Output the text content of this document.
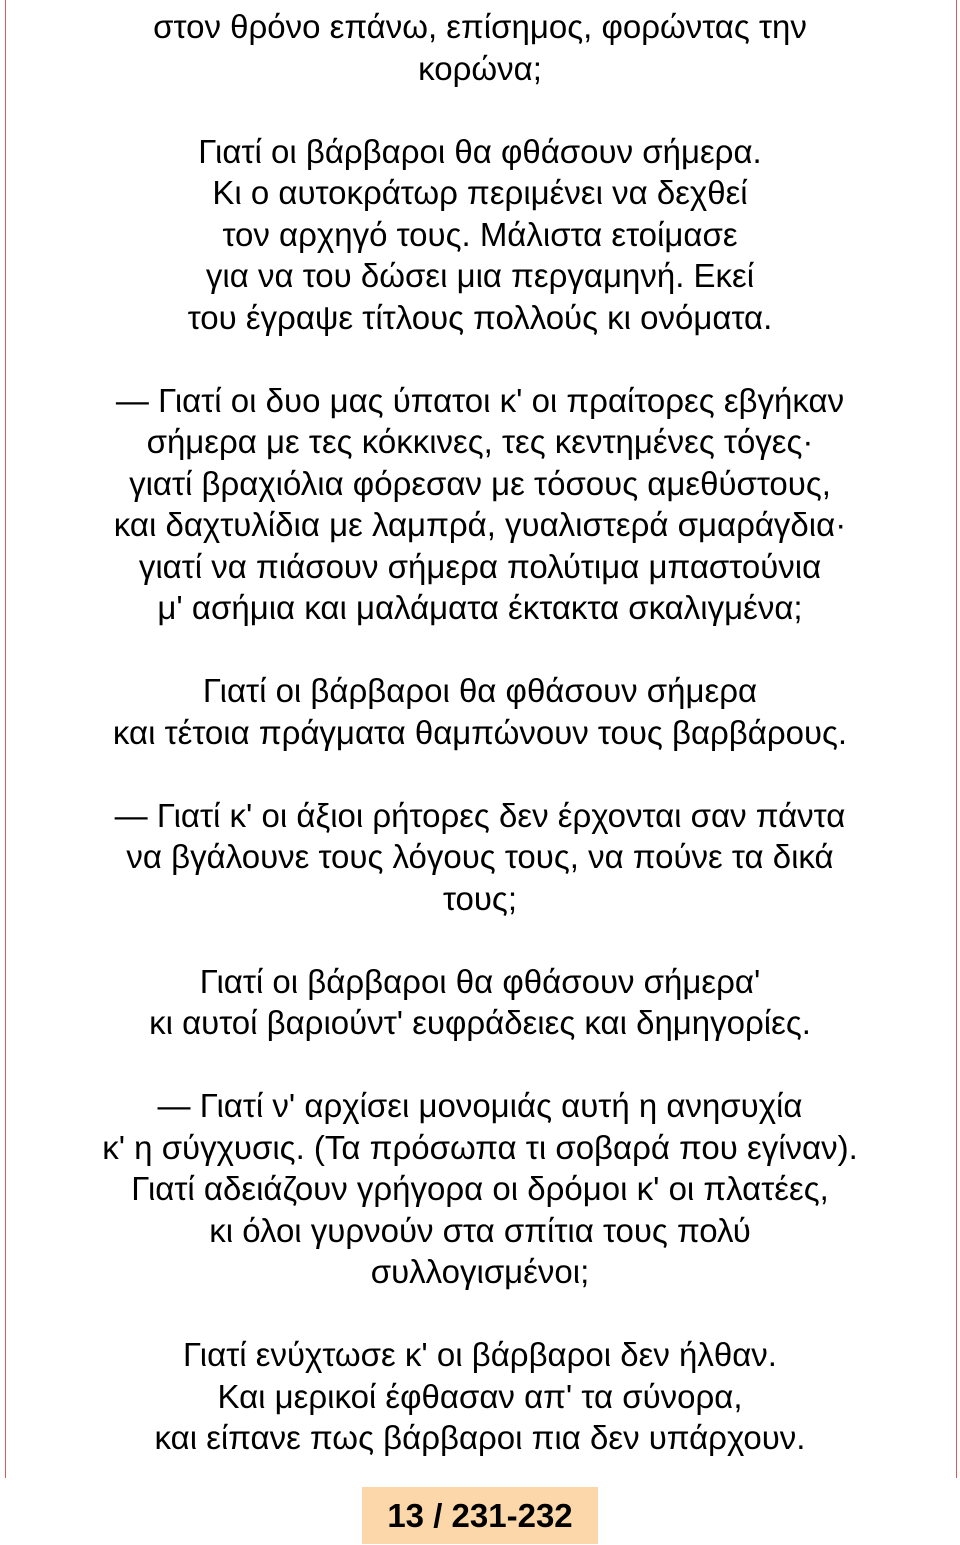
στον θρόνο επάνω, επίσημος, φορώντας την
κορώνα;
Γιατί οι βάρβαροι θα φθάσουν σήμερα.
Κι ο αυτοκράτωρ περιμένει να δεχθεί
τον αρχηγό τους. Μάλιστα ετοίμασε
για να του δώσει μια περγαμηνή. Εκεί
του έγραψε τίτλους πολλούς κι ονόματα.
— Γιατί οι δυο μας ύπατοι κ' οι πραίτορες εβγήκαν
σήμερα με τες κόκκινες, τες κεντημένες τόγες·
γιατί βραχιόλια φόρεσαν με τόσους αμεθύστους,
και δαχτυλίδια με λαμπρά, γυαλιστερά σμαράγδια·
γιατί να πιάσουν σήμερα πολύτιμα μπαστούνια
μ' ασήμια και μαλάματα έκτακτα σκαλιγμένα;
Γιατί οι βάρβαροι θα φθάσουν σήμερα
και τέτοια πράγματα θαμπώνουν τους βαρβάρους.
— Γιατί κ' οι άξιοι ρήτορες δεν έρχονται σαν πάντα
να βγάλουνε τους λόγους τους, να πούνε τα δικά
τους;
Γιατί οι βάρβαροι θα φθάσουν σήμερα'
κι αυτοί βαριούντ' ευφράδειες και δημηγορίες.
— Γιατί ν' αρχίσει μονομιάς αυτή η ανησυχία
κ' η σύγχυσις. (Τα πρόσωπα τι σοβαρά που εγίναν).
Γιατί αδειάζουν γρήγορα οι δρόμοι κ' οι πλατέες,
κι όλοι γυρνούν στα σπίτια τους πολύ
συλλογισμένοι;
Γιατί ενύχτωσε κ' οι βάρβαροι δεν ήλθαν.
Και μερικοί έφθασαν απ' τα σύνορα,
και είπανε πως βάρβαροι πια δεν υπάρχουν.
13 / 231-232
